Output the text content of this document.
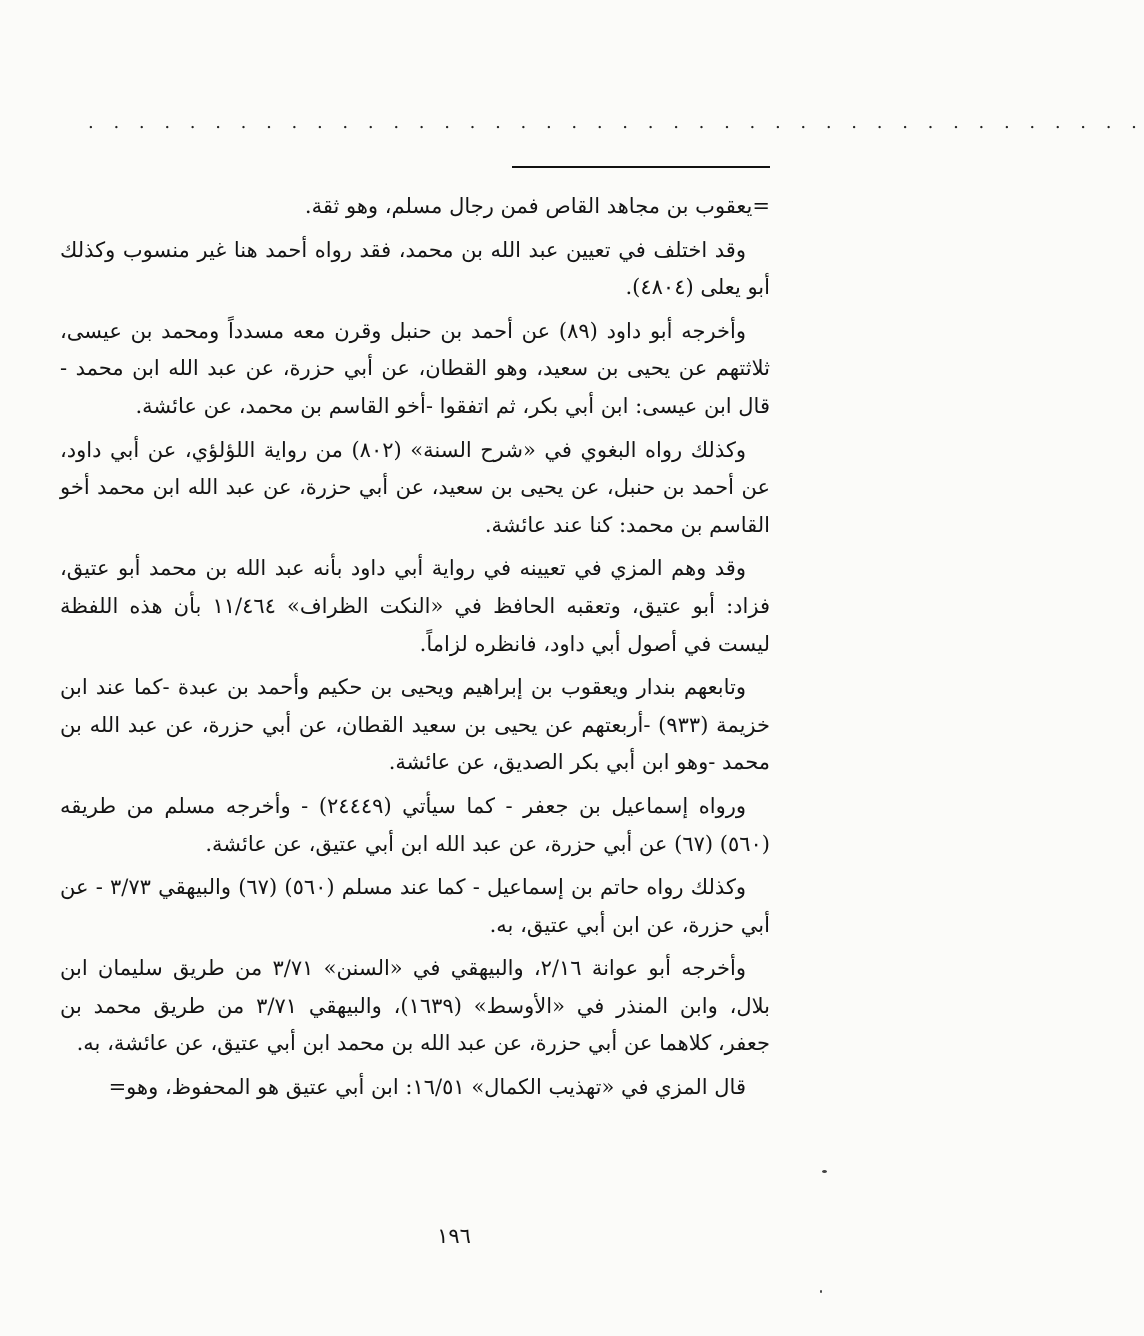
. . . . . . . . . . . . . . . . . . . . . . . . . . . . . . . . . . . . . . . . . .

=يعقوب بن مجاهد القاص فمن رجال مسلم، وهو ثقة.

وقد اختلف في تعيين عبد الله بن محمد، فقد رواه أحمد هنا غير منسوب وكذلك أبو يعلى (٤٨٠٤).

وأخرجه أبو داود (٨٩) عن أحمد بن حنبل وقرن معه مسدداً ومحمد بن عيسى، ثلاثتهم عن يحيى بن سعيد، وهو القطان، عن أبي حزرة، عن عبد الله ابن محمد - قال ابن عيسى: ابن أبي بكر، ثم اتفقوا -أخو القاسم بن محمد، عن عائشة.

وكذلك رواه البغوي في «شرح السنة» (٨٠٢) من رواية اللؤلؤي، عن أبي داود، عن أحمد بن حنبل، عن يحيى بن سعيد، عن أبي حزرة، عن عبد الله ابن محمد أخو القاسم بن محمد: كنا عند عائشة.

وقد وهم المزي في تعيينه في رواية أبي داود بأنه عبد الله بن محمد أبو عتيق، فزاد: أبو عتيق، وتعقبه الحافظ في «النكت الظراف» ١١/٤٦٤ بأن هذه اللفظة ليست في أصول أبي داود، فانظره لزاماً.

وتابعهم بندار ويعقوب بن إبراهيم ويحيى بن حكيم وأحمد بن عبدة -كما عند ابن خزيمة (٩٣٣) -أربعتهم عن يحيى بن سعيد القطان، عن أبي حزرة، عن عبد الله بن محمد -وهو ابن أبي بكر الصديق، عن عائشة.

ورواه إسماعيل بن جعفر - كما سيأتي (٢٤٤٤٩) - وأخرجه مسلم من طريقه (٥٦٠) (٦٧) عن أبي حزرة، عن عبد الله ابن أبي عتيق، عن عائشة.

وكذلك رواه حاتم بن إسماعيل - كما عند مسلم (٥٦٠) (٦٧) والبيهقي ٣/٧٣ - عن أبي حزرة، عن ابن أبي عتيق، به.

وأخرجه أبو عوانة ٢/١٦، والبيهقي في «السنن» ٣/٧١ من طريق سليمان ابن بلال، وابن المنذر في «الأوسط» (١٦٣٩)، والبيهقي ٣/٧١ من طريق محمد بن جعفر، كلاهما عن أبي حزرة، عن عبد الله بن محمد ابن أبي عتيق، عن عائشة، به.

قال المزي في «تهذيب الكمال» ١٦/٥١: ابن أبي عتيق هو المحفوظ، وهو=

١٩٦
